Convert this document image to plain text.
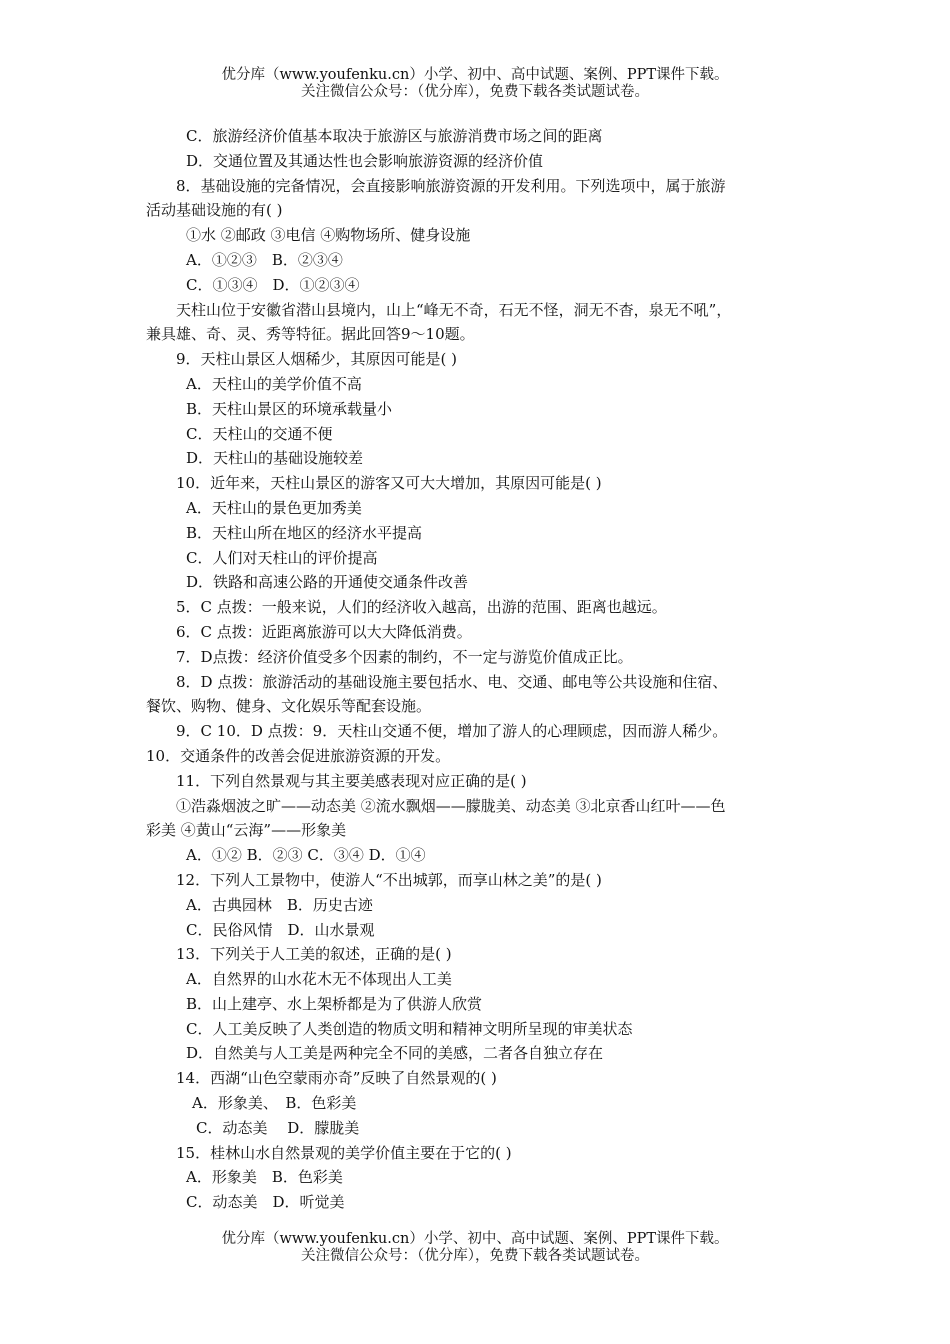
优分库（www.youfenku.cn）小学、初中、高中试题、案例、PPT课件下载。
关注微信公众号：（优分库），免费下载各类试题试卷。
C．旅游经济价值基本取决于旅游区与旅游消费市场之间的距离
D．交通位置及其通达性也会影响旅游资源的经济价值
8．基础设施的完备情况，会直接影响旅游资源的开发利用。下列选项中，属于旅游
活动基础设施的有( )
①水 ②邮政 ③电信 ④购物场所、健身设施
A．①②③　B．②③④
C．①③④　D．①②③④
天柱山位于安徽省潜山县境内，山上“峰无不奇，石无不怪，洞无不杳，泉无不吼”，
兼具雄、奇、灵、秀等特征。据此回答9～10题。
9．天柱山景区人烟稀少，其原因可能是( )
A．天柱山的美学价值不高
B．天柱山景区的环境承载量小
C．天柱山的交通不便
D．天柱山的基础设施较差
10．近年来，天柱山景区的游客又可大大增加，其原因可能是( )
A．天柱山的景色更加秀美
B．天柱山所在地区的经济水平提高
C．人们对天柱山的评价提高
D．铁路和高速公路的开通使交通条件改善
5．C 点拨：一般来说，人们的经济收入越高，出游的范围、距离也越远。
6．C 点拨：近距离旅游可以大大降低消费。
7．D点拨：经济价值受多个因素的制约，不一定与游览价值成正比。
8．D 点拨：旅游活动的基础设施主要包括水、电、交通、邮电等公共设施和住宿、
餐饮、购物、健身、文化娱乐等配套设施。
9．C 10．D 点拨：9．天柱山交通不便，增加了游人的心理顾虑，因而游人稀少。
10．交通条件的改善会促进旅游资源的开发。
11．下列自然景观与其主要美感表现对应正确的是( )
①浩淼烟波之旷——动态美 ②流水飘烟——朦胧美、动态美 ③北京香山红叶——色
彩美 ④黄山“云海”——形象美
A．①② B．②③ C．③④ D．①④
12．下列人工景物中，使游人“不出城郭，而享山林之美”的是( )
A．古典园林　B．历史古迹
C．民俗风情　D．山水景观
13．下列关于人工美的叙述，正确的是( )
A．自然界的山水花木无不体现出人工美
B．山上建亭、水上架桥都是为了供游人欣赏
C．人工美反映了人类创造的物质文明和精神文明所呈现的审美状态
D．自然美与人工美是两种完全不同的美感，二者各自独立存在
14．西湖“山色空蒙雨亦奇”反映了自然景观的( )
A．形象美、　B．色彩美
C．动态美　 D．朦胧美
15．桂林山水自然景观的美学价值主要在于它的( )
A．形象美　B．色彩美
C．动态美　D．听觉美
优分库（www.youfenku.cn）小学、初中、高中试题、案例、PPT课件下载。
关注微信公众号：（优分库），免费下载各类试题试卷。
